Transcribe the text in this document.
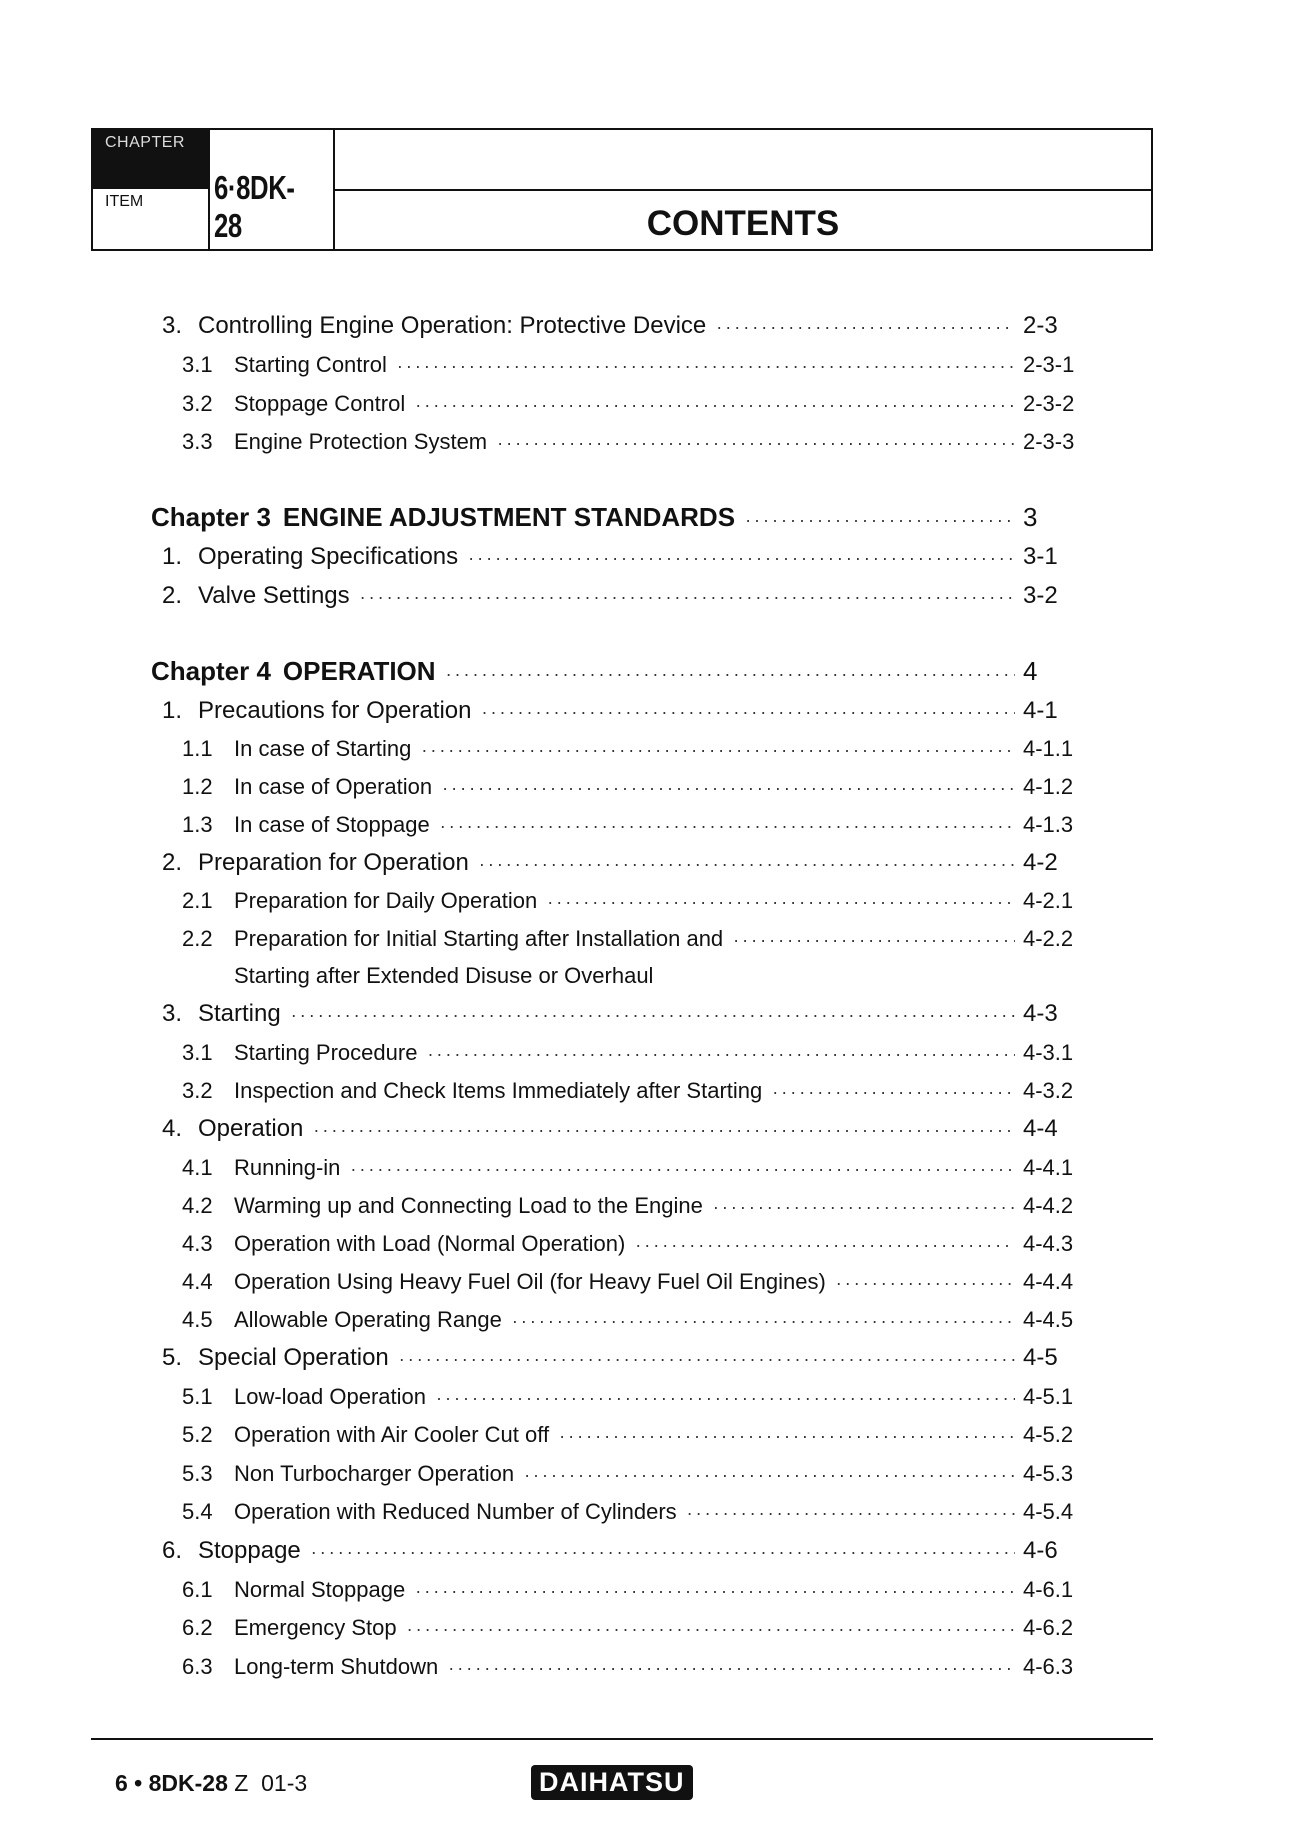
CHAPTER
ITEM 6·8DK-28	CONTENTS
3. Controlling Engine Operation: Protective Device ·····	2-3
3.1 Starting Control ·····	2-3-1
3.2 Stoppage Control ·····	2-3-2
3.3 Engine Protection System ·····	2-3-3
Chapter 3 ENGINE ADJUSTMENT STANDARDS ·····	3
1. Operating Specifications ·····	3-1
2. Valve Settings ·····	3-2
Chapter 4 OPERATION ·····	4
1. Precautions for Operation ·····	4-1
1.1 In case of Starting ·····	4-1.1
1.2 In case of Operation ·····	4-1.2
1.3 In case of Stoppage ·····	4-1.3
2. Preparation for Operation ·····	4-2
2.1 Preparation for Daily Operation ·····	4-2.1
2.2 Preparation for Initial Starting after Installation and ·····	4-2.2
Starting after Extended Disuse or Overhaul
3. Starting ·····	4-3
3.1 Starting Procedure ·····	4-3.1
3.2 Inspection and Check Items Immediately after Starting ·····	4-3.2
4. Operation ·····	4-4
4.1 Running-in ·····	4-4.1
4.2 Warming up and Connecting Load to the Engine ·····	4-4.2
4.3 Operation with Load (Normal Operation) ·····	4-4.3
4.4 Operation Using Heavy Fuel Oil (for Heavy Fuel Oil Engines) ·····	4-4.4
4.5 Allowable Operating Range ·····	4-4.5
5. Special Operation ·····	4-5
5.1 Low-load Operation ·····	4-5.1
5.2 Operation with Air Cooler Cut off ·····	4-5.2
5.3 Non Turbocharger Operation ·····	4-5.3
5.4 Operation with Reduced Number of Cylinders ·····	4-5.4
6. Stoppage ·····	4-6
6.1 Normal Stoppage ·····	4-6.1
6.2 Emergency Stop ·····	4-6.2
6.3 Long-term Shutdown ·····	4-6.3
6 • 8DK-28 Z  01-3	DAIHATSU
